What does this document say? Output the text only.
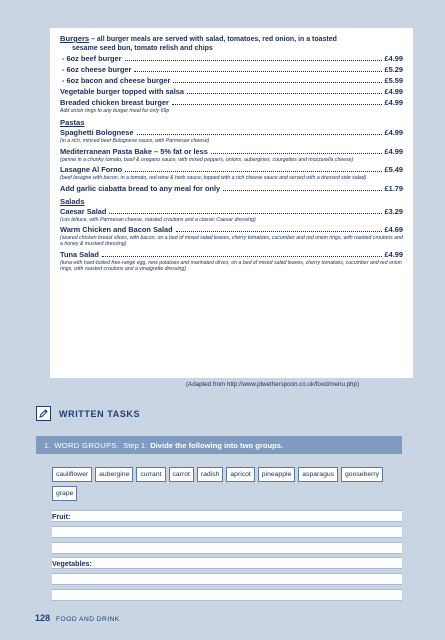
Burgers – all burger meals are served with salad, tomatoes, red onion, in a toasted
sesame seed bun, tomato relish and chips
- 6oz beef burger	£4.99
- 6oz cheese burger	£5.29
- 6oz bacon and cheese burger	£5.59
Vegetable burger topped with salsa	£4.99
Breaded chicken breast burger	£4.99
Add onion rings to any burger meal for only 69p
Pastas
Spaghetti Bolognese	£4.99
(in a rich, minced beef Bolognese sauce, with Parmesan cheese)
Mediterranean Pasta Bake – 5% fat or less	£4.99
(penne in a chunky tomato, basil & oregano sauce, with mixed peppers, onions, aubergines, courgettes and mozzarella cheese)
Lasagne Al Forno	£5.49
(beef lasagne with bacon, in a tomato, red wine & herb sauce, topped with a rich cheese sauce and served with a dressed side salad)
Add garlic ciabatta bread to any meal for only	£1.79
Salads
Caesar Salad	£3.29
(cos lettuce, with Parmesan cheese, roasted croutons and a classic Caesar dressing)
Warm Chicken and Bacon Salad	£4.69
(seared chicken breast slices, with bacon, on a bed of mixed salad leaves, cherry tomatoes, cucumber and red onion rings, with roasted croutons and a honey & mustard dressing)
Tuna Salad	£4.99
(tuna with hard-boiled free-range egg, new potatoes and marinated olives, on a bed of mixed salad leaves, cherry tomatoes, cucumber and red onion rings, with roasted croutons and a vinaigrette dressing)
(Adapted from http://www.jdwetherspoon.co.uk/food/menu.php)
WRITTEN TASKS
1. WORD GROUPS. Step 1: Divide the following into two groups.
cauliflower	aubergine	currant	carrot	radish	apricot	pineapple	asparagus	gooseberry
grape
Fruit:
Vegetables:
128 FOOD AND DRINK
